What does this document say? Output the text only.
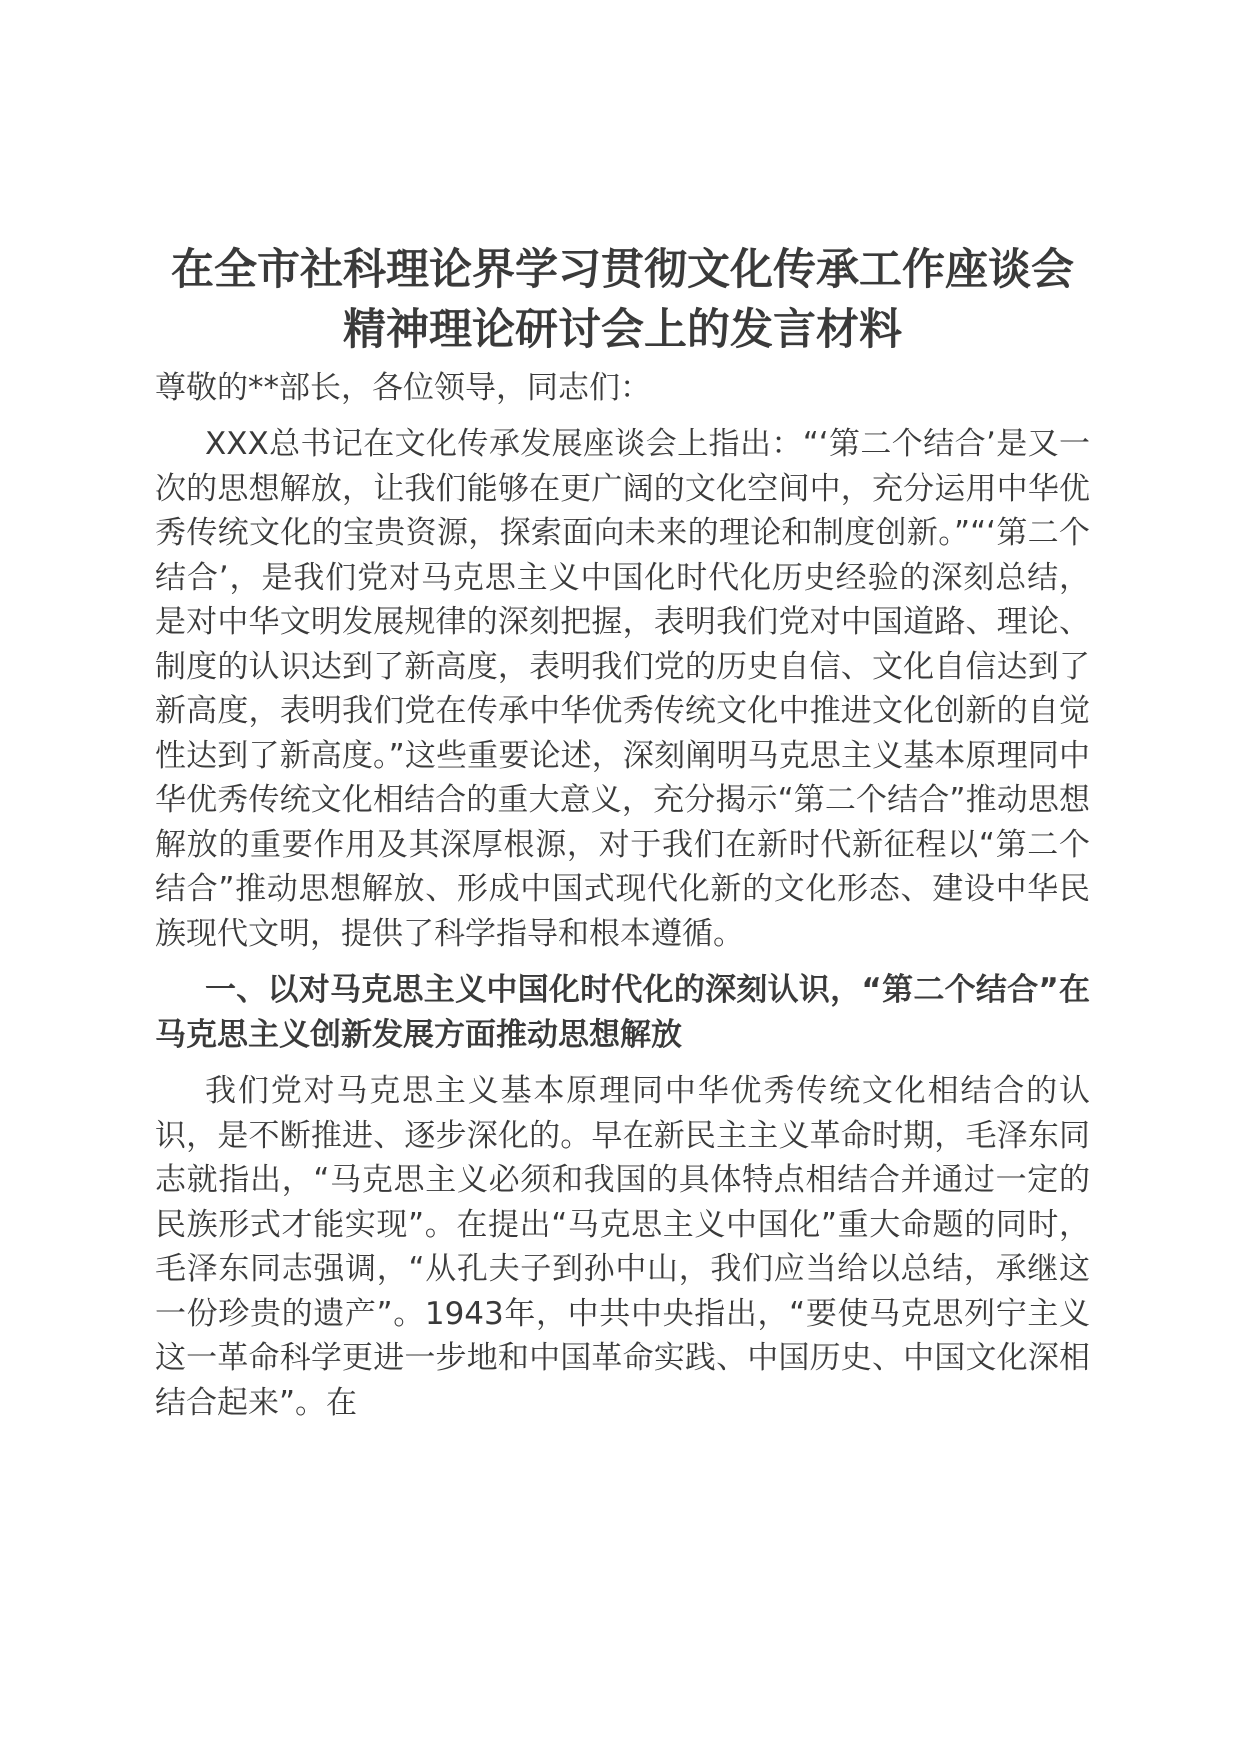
在全市社科理论界学习贯彻文化传承工作座谈会精神理论研讨会上的发言材料

尊敬的**部长，各位领导，同志们：

XXX总书记在文化传承发展座谈会上指出：“‘第二个结合’是又一次的思想解放，让我们能够在更广阔的文化空间中，充分运用中华优秀传统文化的宝贵资源，探索面向未来的理论和制度创新。”“‘第二个结合’，是我们党对马克思主义中国化时代化历史经验的深刻总结，是对中华文明发展规律的深刻把握，表明我们党对中国道路、理论、制度的认识达到了新高度，表明我们党的历史自信、文化自信达到了新高度，表明我们党在传承中华优秀传统文化中推进文化创新的自觉性达到了新高度。”这些重要论述，深刻阐明马克思主义基本原理同中华优秀传统文化相结合的重大意义，充分揭示“第二个结合”推动思想解放的重要作用及其深厚根源，对于我们在新时代新征程以“第二个结合”推动思想解放、形成中国式现代化新的文化形态、建设中华民族现代文明，提供了科学指导和根本遵循。

一、以对马克思主义中国化时代化的深刻认识，“第二个结合”在马克思主义创新发展方面推动思想解放

我们党对马克思主义基本原理同中华优秀传统文化相结合的认识，是不断推进、逐步深化的。早在新民主主义革命时期，毛泽东同志就指出，“马克思主义必须和我国的具体特点相结合并通过一定的民族形式才能实现”。在提出“马克思主义中国化”重大命题的同时，毛泽东同志强调，“从孔夫子到孙中山，我们应当给以总结，承继这一份珍贵的遗产”。1943年，中共中央指出，“要使马克思列宁主义这一革命科学更进一步地和中国革命实践、中国历史、中国文化深相结合起来”。在
